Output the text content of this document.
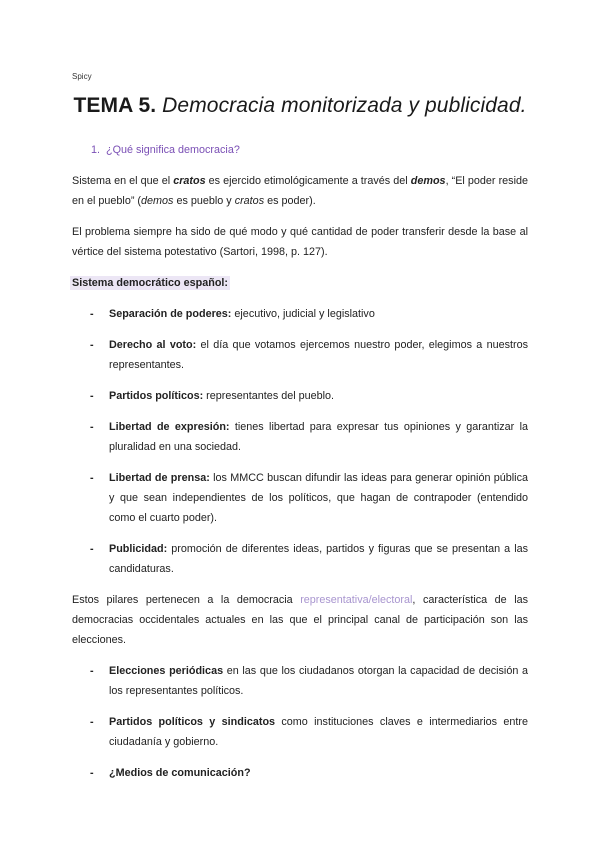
Spicy
TEMA 5. Democracia monitorizada y publicidad.
1. ¿Qué significa democracia?

Sistema en el que el cratos es ejercido etimológicamente a través del demos, “El poder reside en el pueblo” (demos es pueblo y cratos es poder).

El problema siempre ha sido de qué modo y qué cantidad de poder transferir desde la base al vértice del sistema potestativo (Sartori, 1998, p. 127).

Sistema democrático español:

- Separación de poderes: ejecutivo, judicial y legislativo
- Derecho al voto: el día que votamos ejercemos nuestro poder, elegimos a nuestros representantes.
- Partidos políticos: representantes del pueblo.
- Libertad de expresión: tienes libertad para expresar tus opiniones y garantizar la pluralidad en una sociedad.
- Libertad de prensa: los MMCC buscan difundir las ideas para generar opinión pública y que sean independientes de los políticos, que hagan de contrapoder (entendido como el cuarto poder).
- Publicidad: promoción de diferentes ideas, partidos y figuras que se presentan a las candidaturas.

Estos pilares pertenecen a la democracia representativa/electoral, característica de las democracias occidentales actuales en las que el principal canal de participación son las elecciones.

- Elecciones periódicas en las que los ciudadanos otorgan la capacidad de decisión a los representantes políticos.
- Partidos políticos y sindicatos como instituciones claves e intermediarios entre ciudadanía y gobierno.
- ¿Medios de comunicación?
